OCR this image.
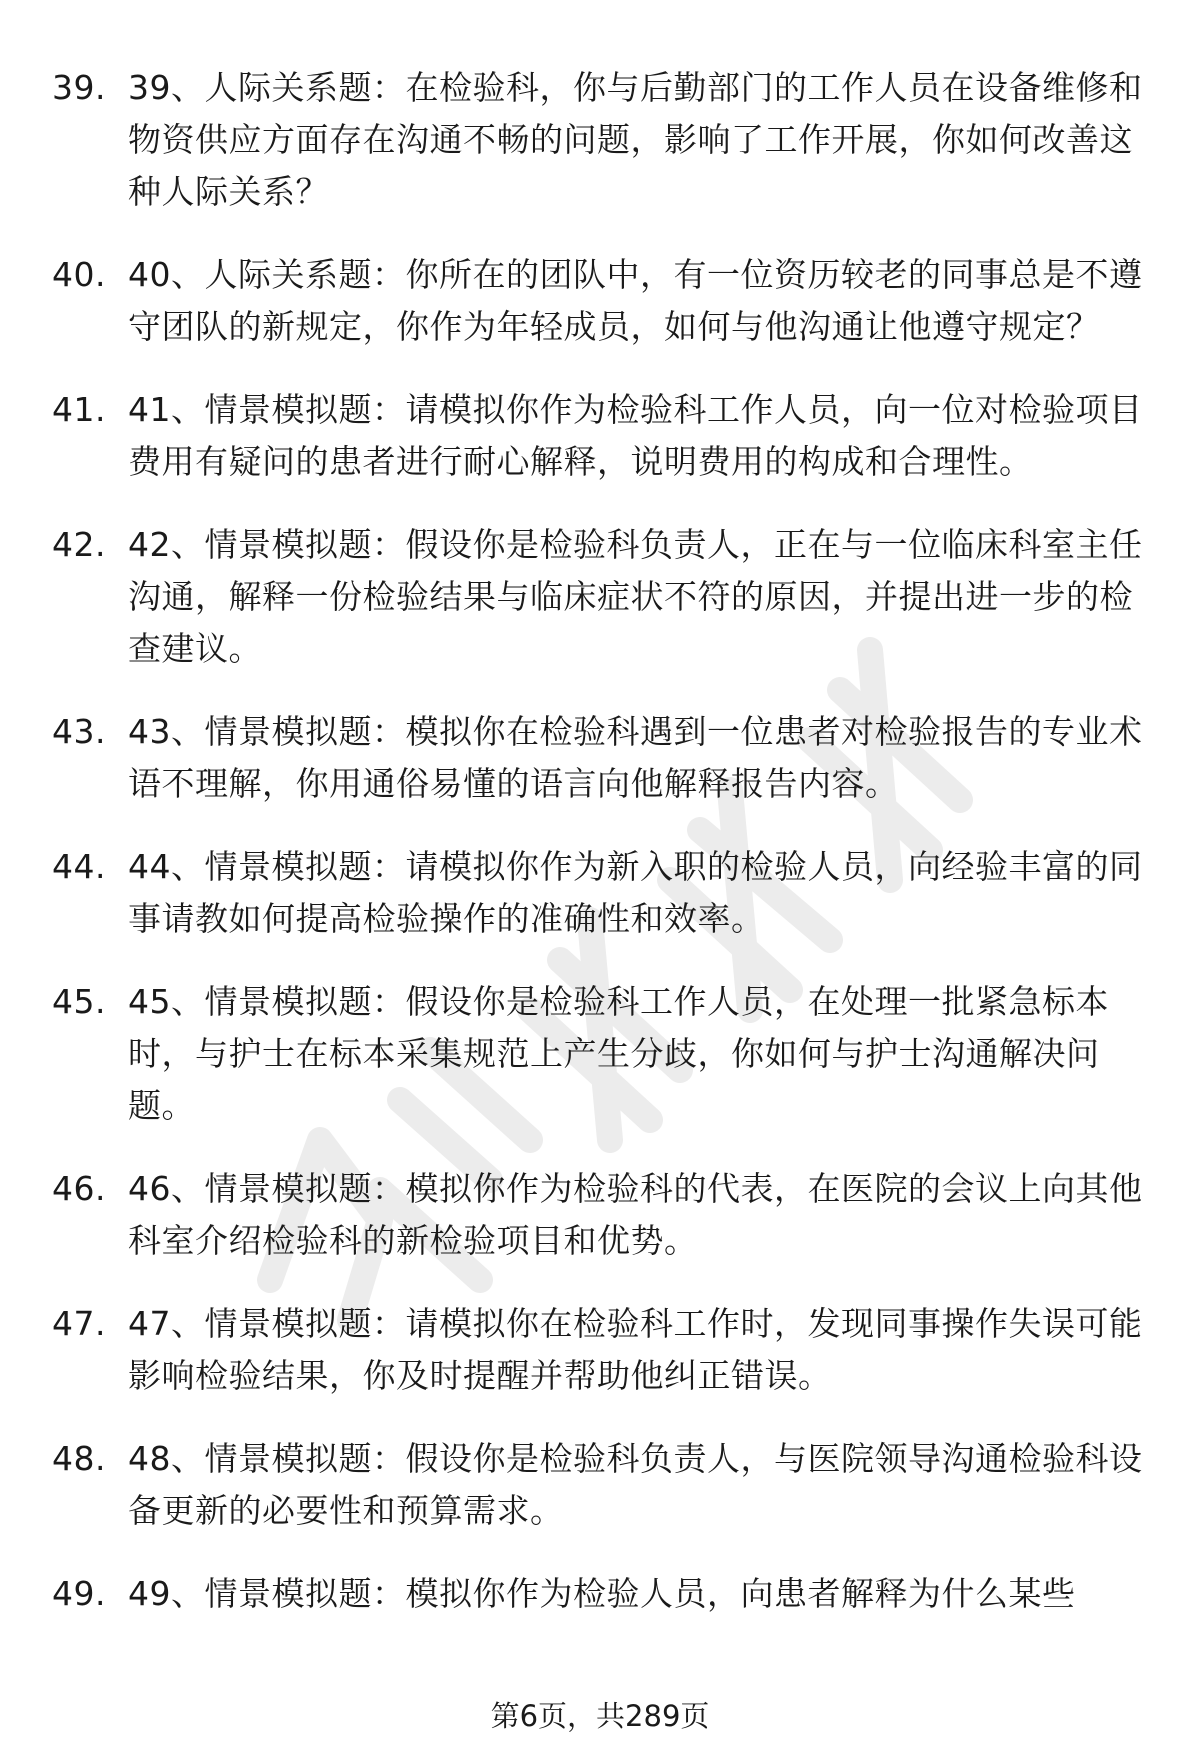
39. 39、人际关系题：在检验科，你与后勤部门的工作人员在设备维修和物资供应方面存在沟通不畅的问题，影响了工作开展，你如何改善这种人际关系？
40. 40、人际关系题：你所在的团队中，有一位资历较老的同事总是不遵守团队的新规定，你作为年轻成员，如何与他沟通让他遵守规定？
41. 41、情景模拟题：请模拟你作为检验科工作人员，向一位对检验项目费用有疑问的患者进行耐心解释，说明费用的构成和合理性。
42. 42、情景模拟题：假设你是检验科负责人，正在与一位临床科室主任沟通，解释一份检验结果与临床症状不符的原因，并提出进一步的检查建议。
43. 43、情景模拟题：模拟你在检验科遇到一位患者对检验报告的专业术语不理解，你用通俗易懂的语言向他解释报告内容。
44. 44、情景模拟题：请模拟你作为新入职的检验人员，向经验丰富的同事请教如何提高检验操作的准确性和效率。
45. 45、情景模拟题：假设你是检验科工作人员，在处理一批紧急标本时，与护士在标本采集规范上产生分歧，你如何与护士沟通解决问题。
46. 46、情景模拟题：模拟你作为检验科的代表，在医院的会议上向其他科室介绍检验科的新检验项目和优势。
47. 47、情景模拟题：请模拟你在检验科工作时，发现同事操作失误可能影响检验结果，你及时提醒并帮助他纠正错误。
48. 48、情景模拟题：假设你是检验科负责人，与医院领导沟通检验科设备更新的必要性和预算需求。
49. 49、情景模拟题：模拟你作为检验人员，向患者解释为什么某些
第6页，共289页
